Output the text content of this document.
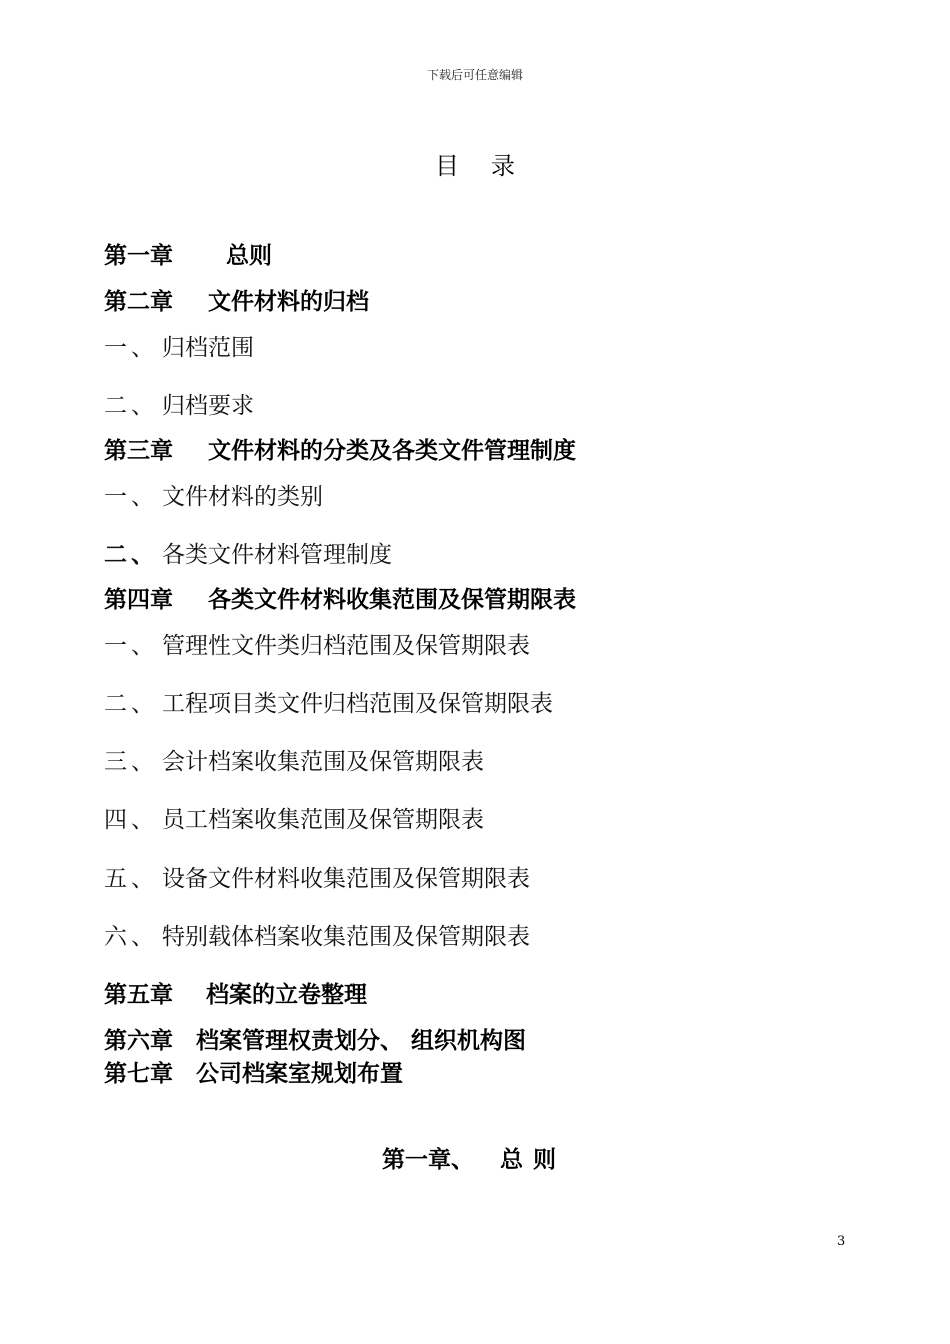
下载后可任意编辑
目录
第一章 总则
第二章 文件材料的归档
一、 归档范围
二、 归档要求
第三章 文件材料的分类及各类文件管理制度
一、 文件材料的类别
二、 各类文件材料管理制度
第四章 各类文件材料收集范围及保管期限表
一、 管理性文件类归档范围及保管期限表
二、 工程项目类文件归档范围及保管期限表
三、 会计档案收集范围及保管期限表
四、 员工档案收集范围及保管期限表
五、 设备文件材料收集范围及保管期限表
六、 特别载体档案收集范围及保管期限表
第五章 档案的立卷整理
第六章 档案管理权责划分、 组织机构图
第七章 公司档案室规划布置
第一章、 总则
3
